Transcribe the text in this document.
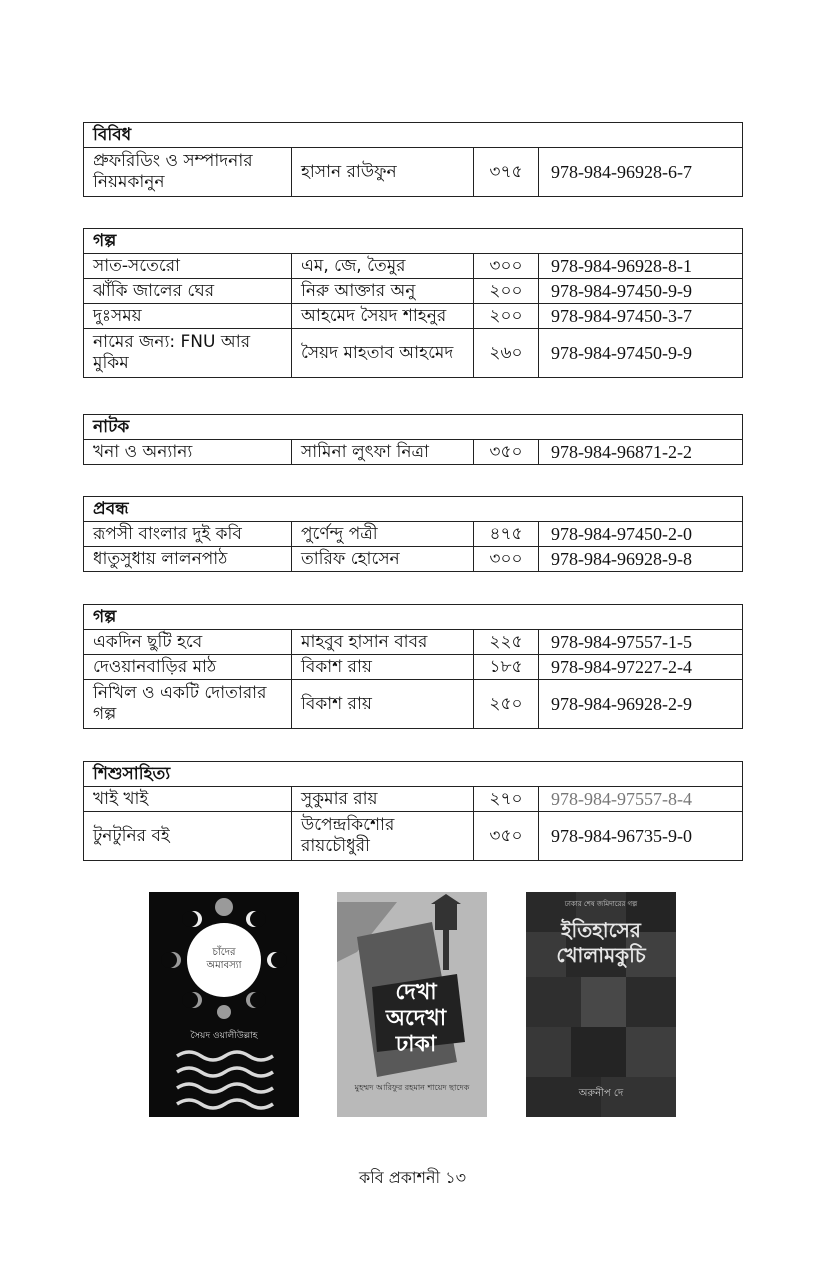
বিবিধ
প্রুফরিডিং ও সম্পাদনার নিয়মকানুন	হাসান রাউফুন	৩৭৫	978-984-96928-6-7
গল্প			
সাত-সতেরো	এম, জে, তৈমুর	৩০০	978-984-96928-8-1
ঝাঁকি জালের ঘের	নিরু আক্তার অনু	২০০	978-984-97450-9-9
দুঃসময়	আহমেদ সৈয়দ শাহনুর	২০০	978-984-97450-3-7
নামের জন্য: FNU আর মুকিম	সৈয়দ মাহতাব আহমেদ	২৬০	978-984-97450-9-9
নাটক
খনা ও অন্যান্য	সামিনা লুৎফা নিত্রা	৩৫০	978-984-96871-2-2
প্রবন্ধ			
রূপসী বাংলার দুই কবি	পুর্ণেন্দু পত্রী	৪৭৫	978-984-97450-2-0
ধাতুসুধায় লালনপাঠ	তারিফ হোসেন	৩০০	978-984-96928-9-8
গল্প			
একদিন ছুটি হবে	মাহবুব হাসান বাবর	২২৫	978-984-97557-1-5
দেওয়ানবাড়ির মাঠ	বিকাশ রায়	১৮৫	978-984-97227-2-4
নিখিল ও একটি দোতারার গল্প	বিকাশ রায়	২৫০	978-984-96928-2-9
শিশুসাহিত্য			
খাই খাই	সুকুমার রায়	২৭০	978-984-97557-8-4
টুনটুনির বই	উপেন্দ্রকিশোর রায়চৌধুরী	৩৫০	978-984-96735-9-0
চাঁদের অমাবস্যা
সৈয়দ ওয়ালীউল্লাহ
দেখা অদেখা ঢাকা
মুহম্মদ আরিফুর রহমান শায়েদ ছাদেক
ঢাকার শেষ জমিদারের গল্প
ইতিহাসের খোলামকুচি
অরুনীপ দে
কবি প্রকাশনী ১৩
